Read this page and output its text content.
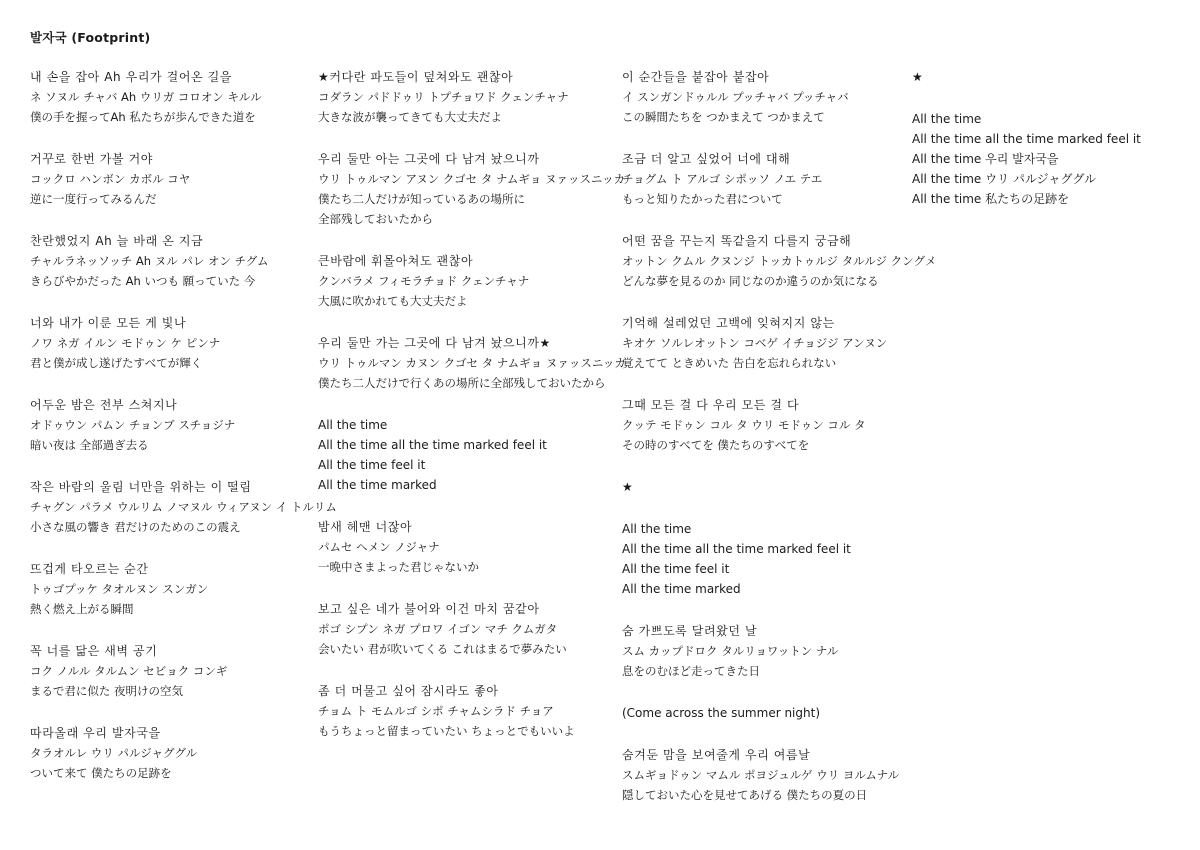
발자국 (Footprint)
내 손을 잡아 Ah 우리가 걸어온 길을
ネ ソヌル チャバ Ah ウリガ コロオン キルル
僕の手を握ってAh 私たちが歩んできた道を
거꾸로 한번 가볼 거야
コックロ ハンボン カボル コヤ
逆に一度行ってみるんだ
찬란했었지 Ah 늘 바래 온 지금
チャルラネッソッチ Ah ヌル パレ オン チグム
きらびやかだった Ah いつも 願っていた 今
너와 내가 이룬 모든 게 빛나
ノワ ネガ イルン モドゥン ケ ピンナ
君と僕が成し遂げたすべてが輝く
어두운 밤은 전부 스쳐지나
オドゥウン パムン チョンブ スチョジナ
暗い夜は 全部過ぎ去る
작은 바람의 울림 너만을 위하는 이 떨림
チャグン パラメ ウルリム ノマヌル ウィアヌン イ トルリム
小さな風の響き 君だけのためのこの震え
뜨겁게 타오르는 순간
トゥゴプッケ タオルヌン スンガン
熱く燃え上がる瞬間
꼭 너를 닮은 새벽 공기
コク ノルル タルムン セビョク コンギ
まるで君に似た 夜明けの空気
따라올래 우리 발자국을
タラオルレ ウリ パルジャググル
ついて来て 僕たちの足跡を
★커다란 파도들이 덮쳐와도 괜찮아
コダラン パドドゥリ トプチョワド クェンチャナ
大きな波が襲ってきても大丈夫だよ
우리 둘만 아는 그곳에 다 남겨 놨으니까
ウリ トゥルマン アヌン クゴセ タ ナムギョ ヌァッスニッカ
僕たち二人だけが知っているあの場所に
全部残しておいたから
큰바람에 휘몰아쳐도 괜찮아
クンバラメ フィモラチョド クェンチャナ
大風に吹かれても大丈夫だよ
우리 둘만 가는 그곳에 다 남겨 놨으니까★
ウリ トゥルマン カヌン クゴセ タ ナムギョ ヌァッスニッカ
僕たち二人だけで行くあの場所に全部残しておいたから
All the time
All the time all the time marked feel it
All the time feel it
All the time marked
밤새 헤맨 너잖아
パムセ ヘメン ノジャナ
一晩中さまよった君じゃないか
보고 싶은 네가 불어와 이건 마치 꿈같아
ポゴ シプン ネガ プロワ イゴン マチ クムガタ
会いたい 君が吹いてくる これはまるで夢みたい
좀 더 머물고 싶어 잠시라도 좋아
チョム ト モムルゴ シポ チャムシラド チョア
もうちょっと留まっていたい ちょっとでもいいよ
이 순간들을 붙잡아 붙잡아
イ スンガンドゥルル プッチャバ プッチャバ
この瞬間たちを つかまえて つかまえて
조금 더 알고 싶었어 너에 대해
チョグム ト アルゴ シポッソ ノエ テエ
もっと知りたかった君について
어떤 꿈을 꾸는지 똑같을지 다를지 궁금해
オットン クムル クヌンジ トッカトゥルジ タルルジ クングメ
どんな夢を見るのか 同じなのか違うのか気になる
기억해 설레었던 고백에 잊혀지지 않는
キオケ ソルレオットン コベゲ イチョジジ アンヌン
覚えてて ときめいた 告白を忘れられない
그때 모든 걸 다 우리 모든 걸 다
クッテ モドゥン コル タ ウリ モドゥン コル タ
その時のすべてを 僕たちのすべてを
★
All the time
All the time all the time marked feel it
All the time feel it
All the time marked
숨 가쁘도록 달려왔던 날
スム カップドロク タルリョワットン ナル
息をのむほど走ってきた日
(Come across the summer night)
숨겨둔 맘을 보여줄게 우리 여름날
スムギョドゥン マムル ポヨジュルゲ ウリ ヨルムナル
隠しておいた心を見せてあげる 僕たちの夏の日
★
All the time
All the time all the time marked feel it
All the time 우리 발자국을
All the time ウリ パルジャググル
All the time 私たちの足跡を
